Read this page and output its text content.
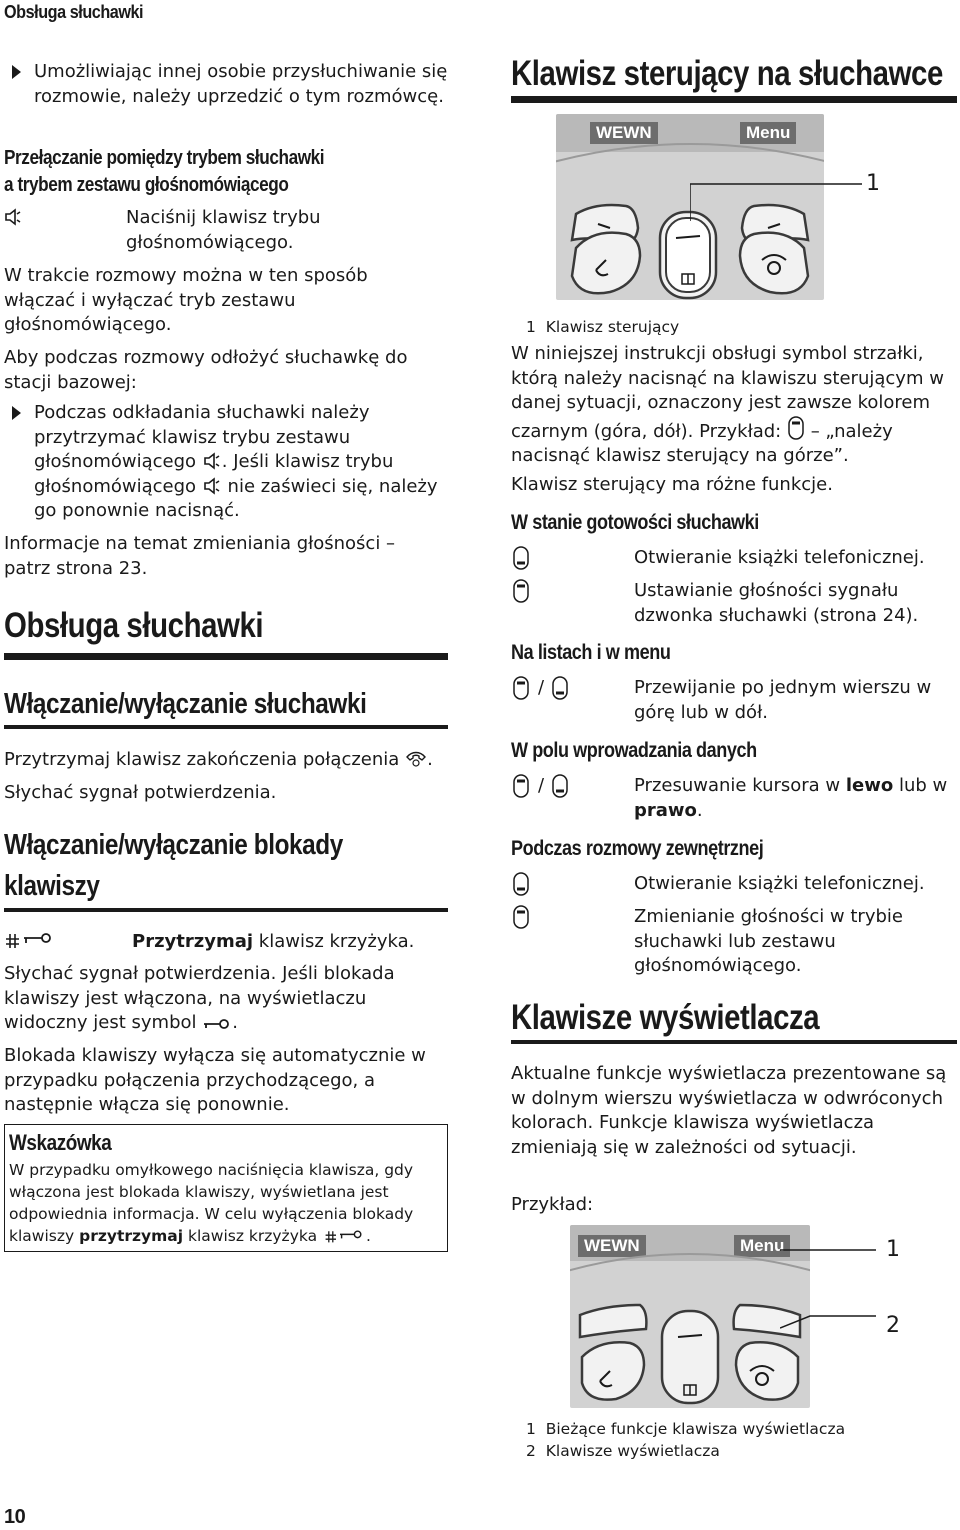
Obsługa słuchawki
Umożliwiając innej osobie przysłuchiwanie się rozmowie, należy uprzedzić o tym rozmówcę.
Przełączanie pomiędzy trybem słuchawki
a trybem zestawu głośnomówiącego
Naciśnij klawisz trybu głośnomówiącego.
W trakcie rozmowy można w ten sposób włączać i wyłączać tryb zestawu głośnomówiącego.
Aby podczas rozmowy odłożyć słuchawkę do stacji bazowej:
Podczas odkładania słuchawki należy przytrzymać klawisz trybu zestawu głośnomówiącego . Jeśli klawisz trybu głośnomówiącego nie zaświeci się, należy go ponownie nacisnąć.
Informacje na temat zmieniania głośności – patrz strona 23.
Obsługa słuchawki
Włączanie/wyłączanie słuchawki
Przytrzymaj klawisz zakończenia połączenia .
Słychać sygnał potwierdzenia.
Włączanie/wyłączanie blokady
klawiszy
Przytrzymaj klawisz krzyżyka.
Słychać sygnał potwierdzenia. Jeśli blokada klawiszy jest włączona, na wyświetlaczu widoczny jest symbol .
Blokada klawiszy wyłącza się automatycznie w przypadku połączenia przychodzącego, a następnie włącza się ponownie.
Wskazówka
W przypadku omyłkowego naciśnięcia klawisza, gdy włączona jest blokada klawiszy, wyświetlana jest odpowiednia informacja. W celu wyłączenia blokady klawiszy przytrzymaj klawisz krzyżyka	.
Klawisz sterujący na słuchawce
WEWN	Menu
1
1 Klawisz sterujący
W niniejszej instrukcji obsługi symbol strzałki, którą należy nacisnąć na klawiszu sterującym w danej sytuacji, oznaczony jest zawsze kolorem czarnym (góra, dół). Przykład: – „należy nacisnąć klawisz sterujący na górze”.
Klawisz sterujący ma różne funkcje.
W stanie gotowości słuchawki
Otwieranie książki telefonicznej.
Ustawianie głośności sygnału dzwonka słuchawki (strona 24).
Na listach i w menu
/	Przewijanie po jednym wierszu w górę lub w dół.
W polu wprowadzania danych
/	Przesuwanie kursora w lewo lub w prawo.
Podczas rozmowy zewnętrznej
Otwieranie książki telefonicznej.
Zmienianie głośności w trybie słuchawki lub zestawu głośnomówiącego.
Klawisze wyświetlacza
Aktualne funkcje wyświetlacza prezentowane są w dolnym wierszu wyświetlacza w odwróconych kolorach. Funkcje klawisza wyświetlacza zmieniają się w zależności od sytuacji.
Przykład:
WEWN	Menu	1
2
1 Bieżące funkcje klawisza wyświetlacza
2 Klawisze wyświetlacza
10
